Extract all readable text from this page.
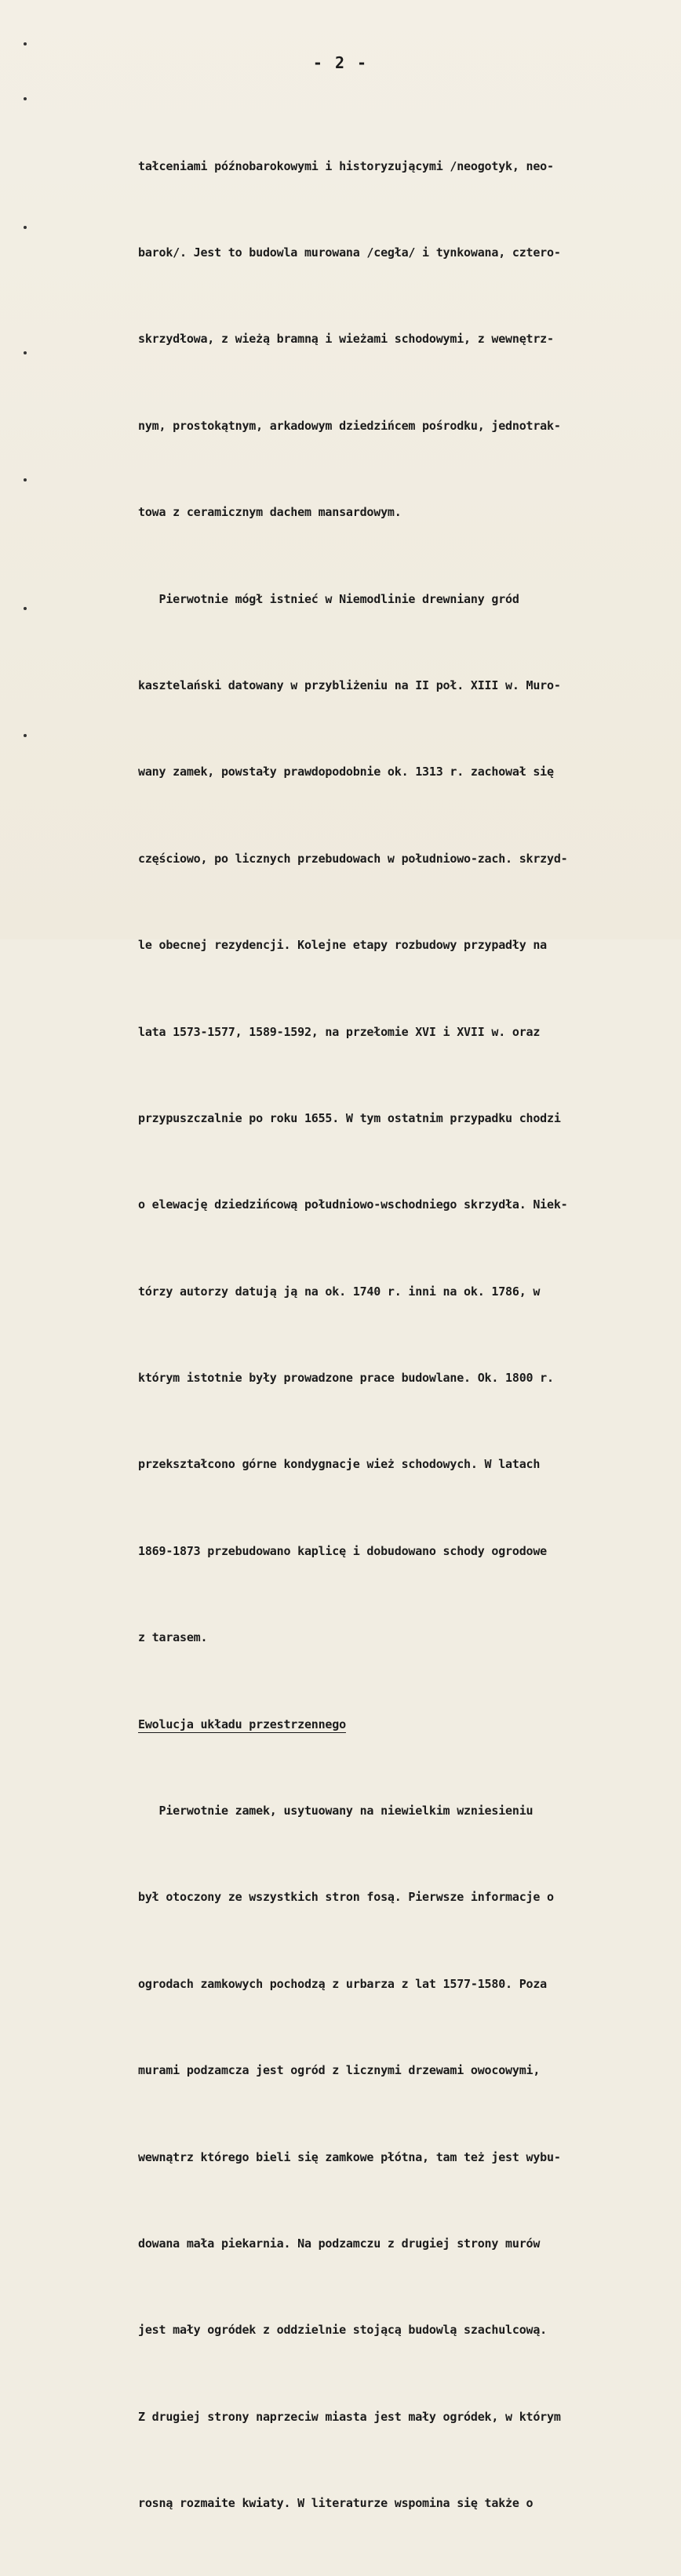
- 2 -

tałceniami późnobarokowymi i historyzującymi /neogotyk, neo-

barok/. Jest to budowla murowana /cegła/ i tynkowana, cztero-

skrzydłowa, z wieżą bramną i wieżami schodowymi, z wewnętrz-

nym, prostokątnym, arkadowym dziedzińcem pośrodku, jednotrak-

towa z ceramicznym dachem mansardowym.

Pierwotnie mógł istnieć w Niemodlinie drewniany gród

kasztelański datowany w przybliżeniu na II poł. XIII w. Muro-

wany zamek, powstały prawdopodobnie ok. 1313 r. zachował się

częściowo, po licznych przebudowach w południowo-zach. skrzyd-

le obecnej rezydencji. Kolejne etapy rozbudowy przypadły na

lata 1573-1577, 1589-1592, na przełomie XVI i XVII w. oraz

przypuszczalnie po roku 1655. W tym ostatnim przypadku chodzi

o elewację dziedzińcową południowo-wschodniego skrzydła. Niek-

tórzy autorzy datują ją na ok. 1740 r. inni na ok. 1786, w

którym istotnie były prowadzone prace budowlane. Ok. 1800 r.

przekształcono górne kondygnacje wież schodowych. W latach

1869-1873 przebudowano kaplicę i dobudowano schody ogrodowe

z tarasem.

Ewolucja układu przestrzennego

Pierwotnie zamek, usytuowany na niewielkim wzniesieniu

był otoczony ze wszystkich stron fosą. Pierwsze informacje o

ogrodach zamkowych pochodzą z urbarza z lat 1577-1580. Poza

murami podzamcza jest ogród z licznymi drzewami owocowymi,

wewnątrz którego bieli się zamkowe płótna, tam też jest wybu-

dowana mała piekarnia. Na podzamczu z drugiej strony murów

jest mały ogródek z oddzielnie stojącą budowlą szachulcową.

Z drugiej strony naprzeciw miasta jest mały ogródek, w którym

rosną rozmaite kwiaty. W literaturze wspomina się także o
